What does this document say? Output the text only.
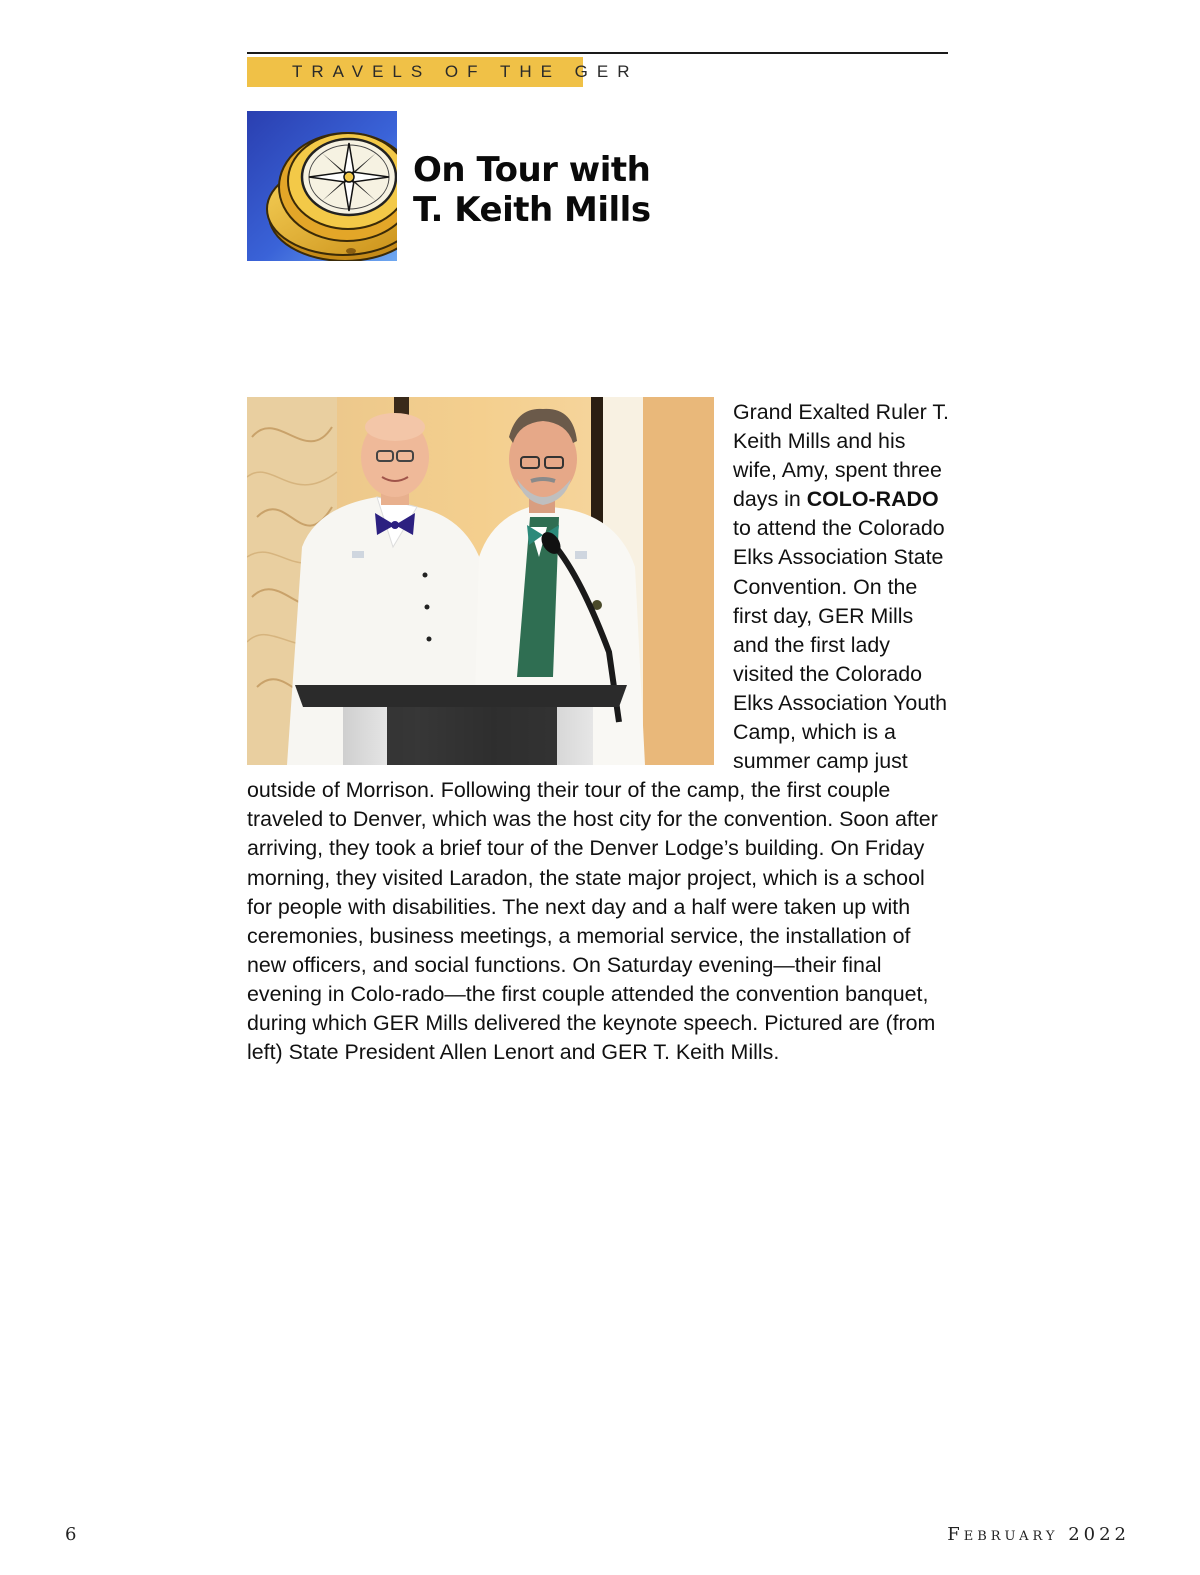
TRAVELS OF THE GER
On Tour with
T. Keith Mills

Grand Exalted Ruler T. Keith Mills and his wife, Amy, spent three days in COLO-RADO to attend the Colorado Elks Association State Convention. On the first day, GER Mills and the first lady visited the Colorado Elks Association Youth Camp, which is a summer camp just outside of Morrison. Following their tour of the camp, the first couple traveled to Denver, which was the host city for the convention. Soon after arriving, they took a brief tour of the Denver Lodge’s building. On Friday morning, they visited Laradon, the state major project, which is a school for people with disabilities. The next day and a half were taken up with ceremonies, business meetings, a memorial service, the installation of new officers, and social functions. On Saturday evening—their final evening in Colo-rado—the first couple attended the convention banquet, during which GER Mills delivered the keynote speech. Pictured are (from left) State President Allen Lenort and GER T. Keith Mills.

6	February 2022
